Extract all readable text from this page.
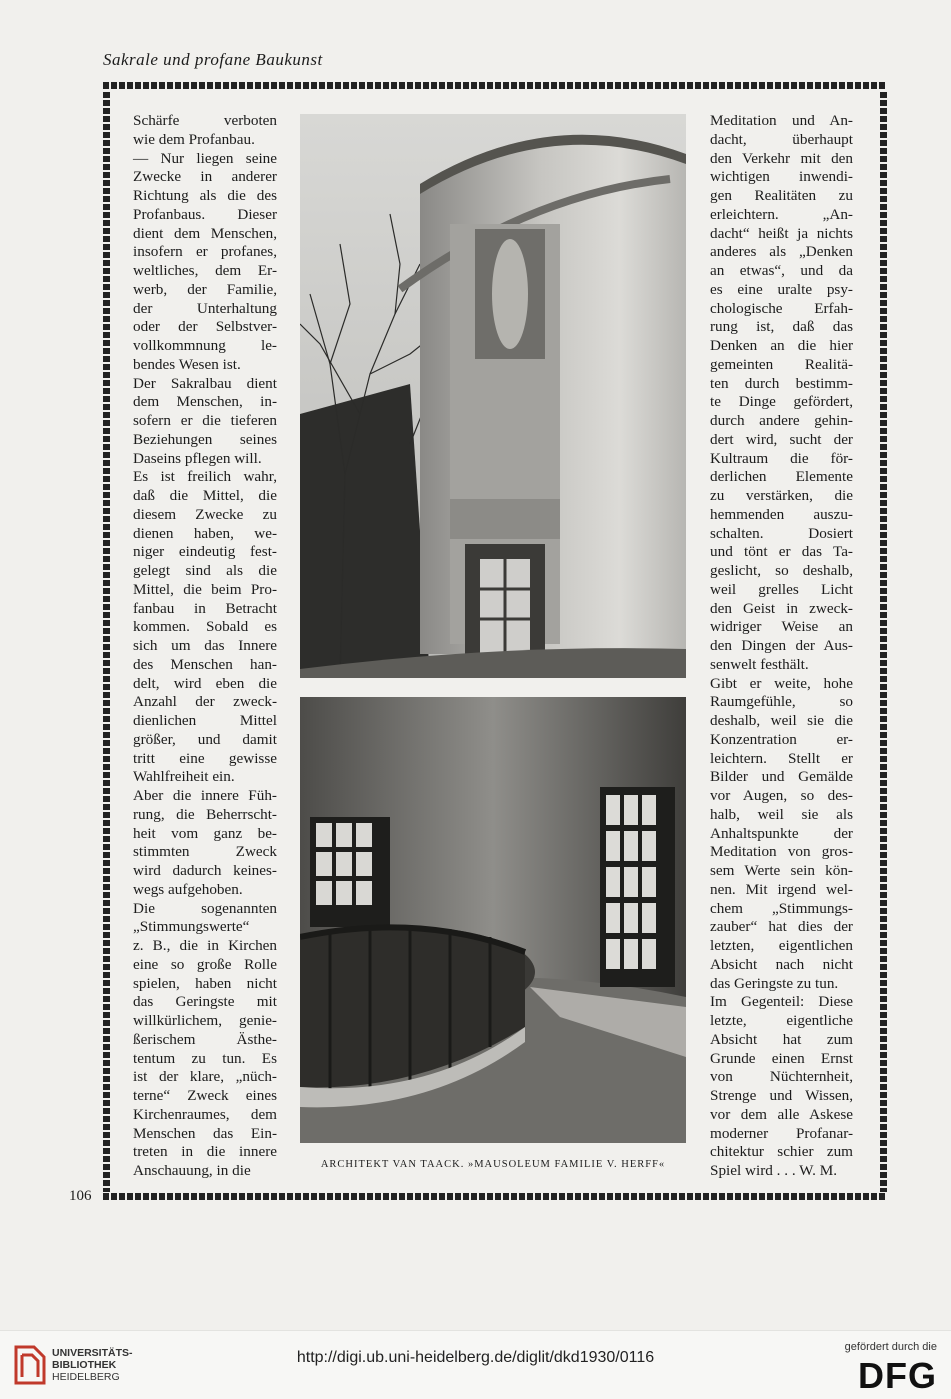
Sakrale und profane Baukunst
Schärfe verboten
wie dem Profanbau.
— Nur liegen seine
Zwecke in anderer
Richtung als die des
Profanbaus. Dieser
dient dem Menschen,
insofern er profanes,
weltliches, dem Er-
werb, der Familie,
der Unterhaltung
oder der Selbstver-
vollkommnung le-
bendes Wesen ist.
Der Sakralbau dient
dem Menschen, in-
sofern er die tieferen
Beziehungen seines
Daseins pflegen will.
Es ist freilich wahr,
daß die Mittel, die
diesem Zwecke zu
dienen haben, we-
niger eindeutig fest-
gelegt sind als die
Mittel, die beim Pro-
fanbau in Betracht
kommen. Sobald es
sich um das Innere
des Menschen han-
delt, wird eben die
Anzahl der zweck-
dienlichen Mittel
größer, und damit
tritt eine gewisse
Wahlfreiheit ein.
Aber die innere Füh-
rung, die Beherrscht-
heit vom ganz be-
stimmten Zweck
wird dadurch keines-
wegs aufgehoben.
Die sogenannten
„Stimmungswerte“
z. B., die in Kirchen
eine so große Rolle
spielen, haben nicht
das Geringste mit
willkürlichem, genie-
ßerischem Ästhe-
tentum zu tun. Es
ist der klare, „nüch-
terne“ Zweck eines
Kirchenraumes, dem
Menschen das Ein-
treten in die innere
Anschauung, in die
Meditation und An-
dacht, überhaupt
den Verkehr mit den
wichtigen inwendi-
gen Realitäten zu
erleichtern. „An-
dacht“ heißt ja nichts
anderes als „Denken
an etwas“, und da
es eine uralte psy-
chologische Erfah-
rung ist, daß das
Denken an die hier
gemeinten Realitä-
ten durch bestimm-
te Dinge gefördert,
durch andere gehin-
dert wird, sucht der
Kultraum die för-
derlichen Elemente
zu verstärken, die
hemmenden auszu-
schalten. Dosiert
und tönt er das Ta-
geslicht, so deshalb,
weil grelles Licht
den Geist in zweck-
widriger Weise an
den Dingen der Aus-
senwelt festhält.
Gibt er weite, hohe
Raumgefühle, so
deshalb, weil sie die
Konzentration er-
leichtern. Stellt er
Bilder und Gemälde
vor Augen, so des-
halb, weil sie als
Anhaltspunkte der
Meditation von gros-
sem Werte sein kön-
nen. Mit irgend wel-
chem „Stimmungs-
zauber“ hat dies der
letzten, eigentlichen
Absicht nach nicht
das Geringste zu tun.
Im Gegenteil: Diese
letzte, eigentliche
Absicht hat zum
Grunde einen Ernst
von Nüchternheit,
Strenge und Wissen,
vor dem alle Askese
moderner Profanar-
chitektur schier zum
Spiel wird . . . W. M.
ARCHITEKT VAN TAACK. »MAUSOLEUM FAMILIE V. HERFF«
106
UNIVERSITÄTS-
BIBLIOTHEK
HEIDELBERG
http://digi.ub.uni-heidelberg.de/diglit/dkd1930/0116
gefördert durch die
DFG
